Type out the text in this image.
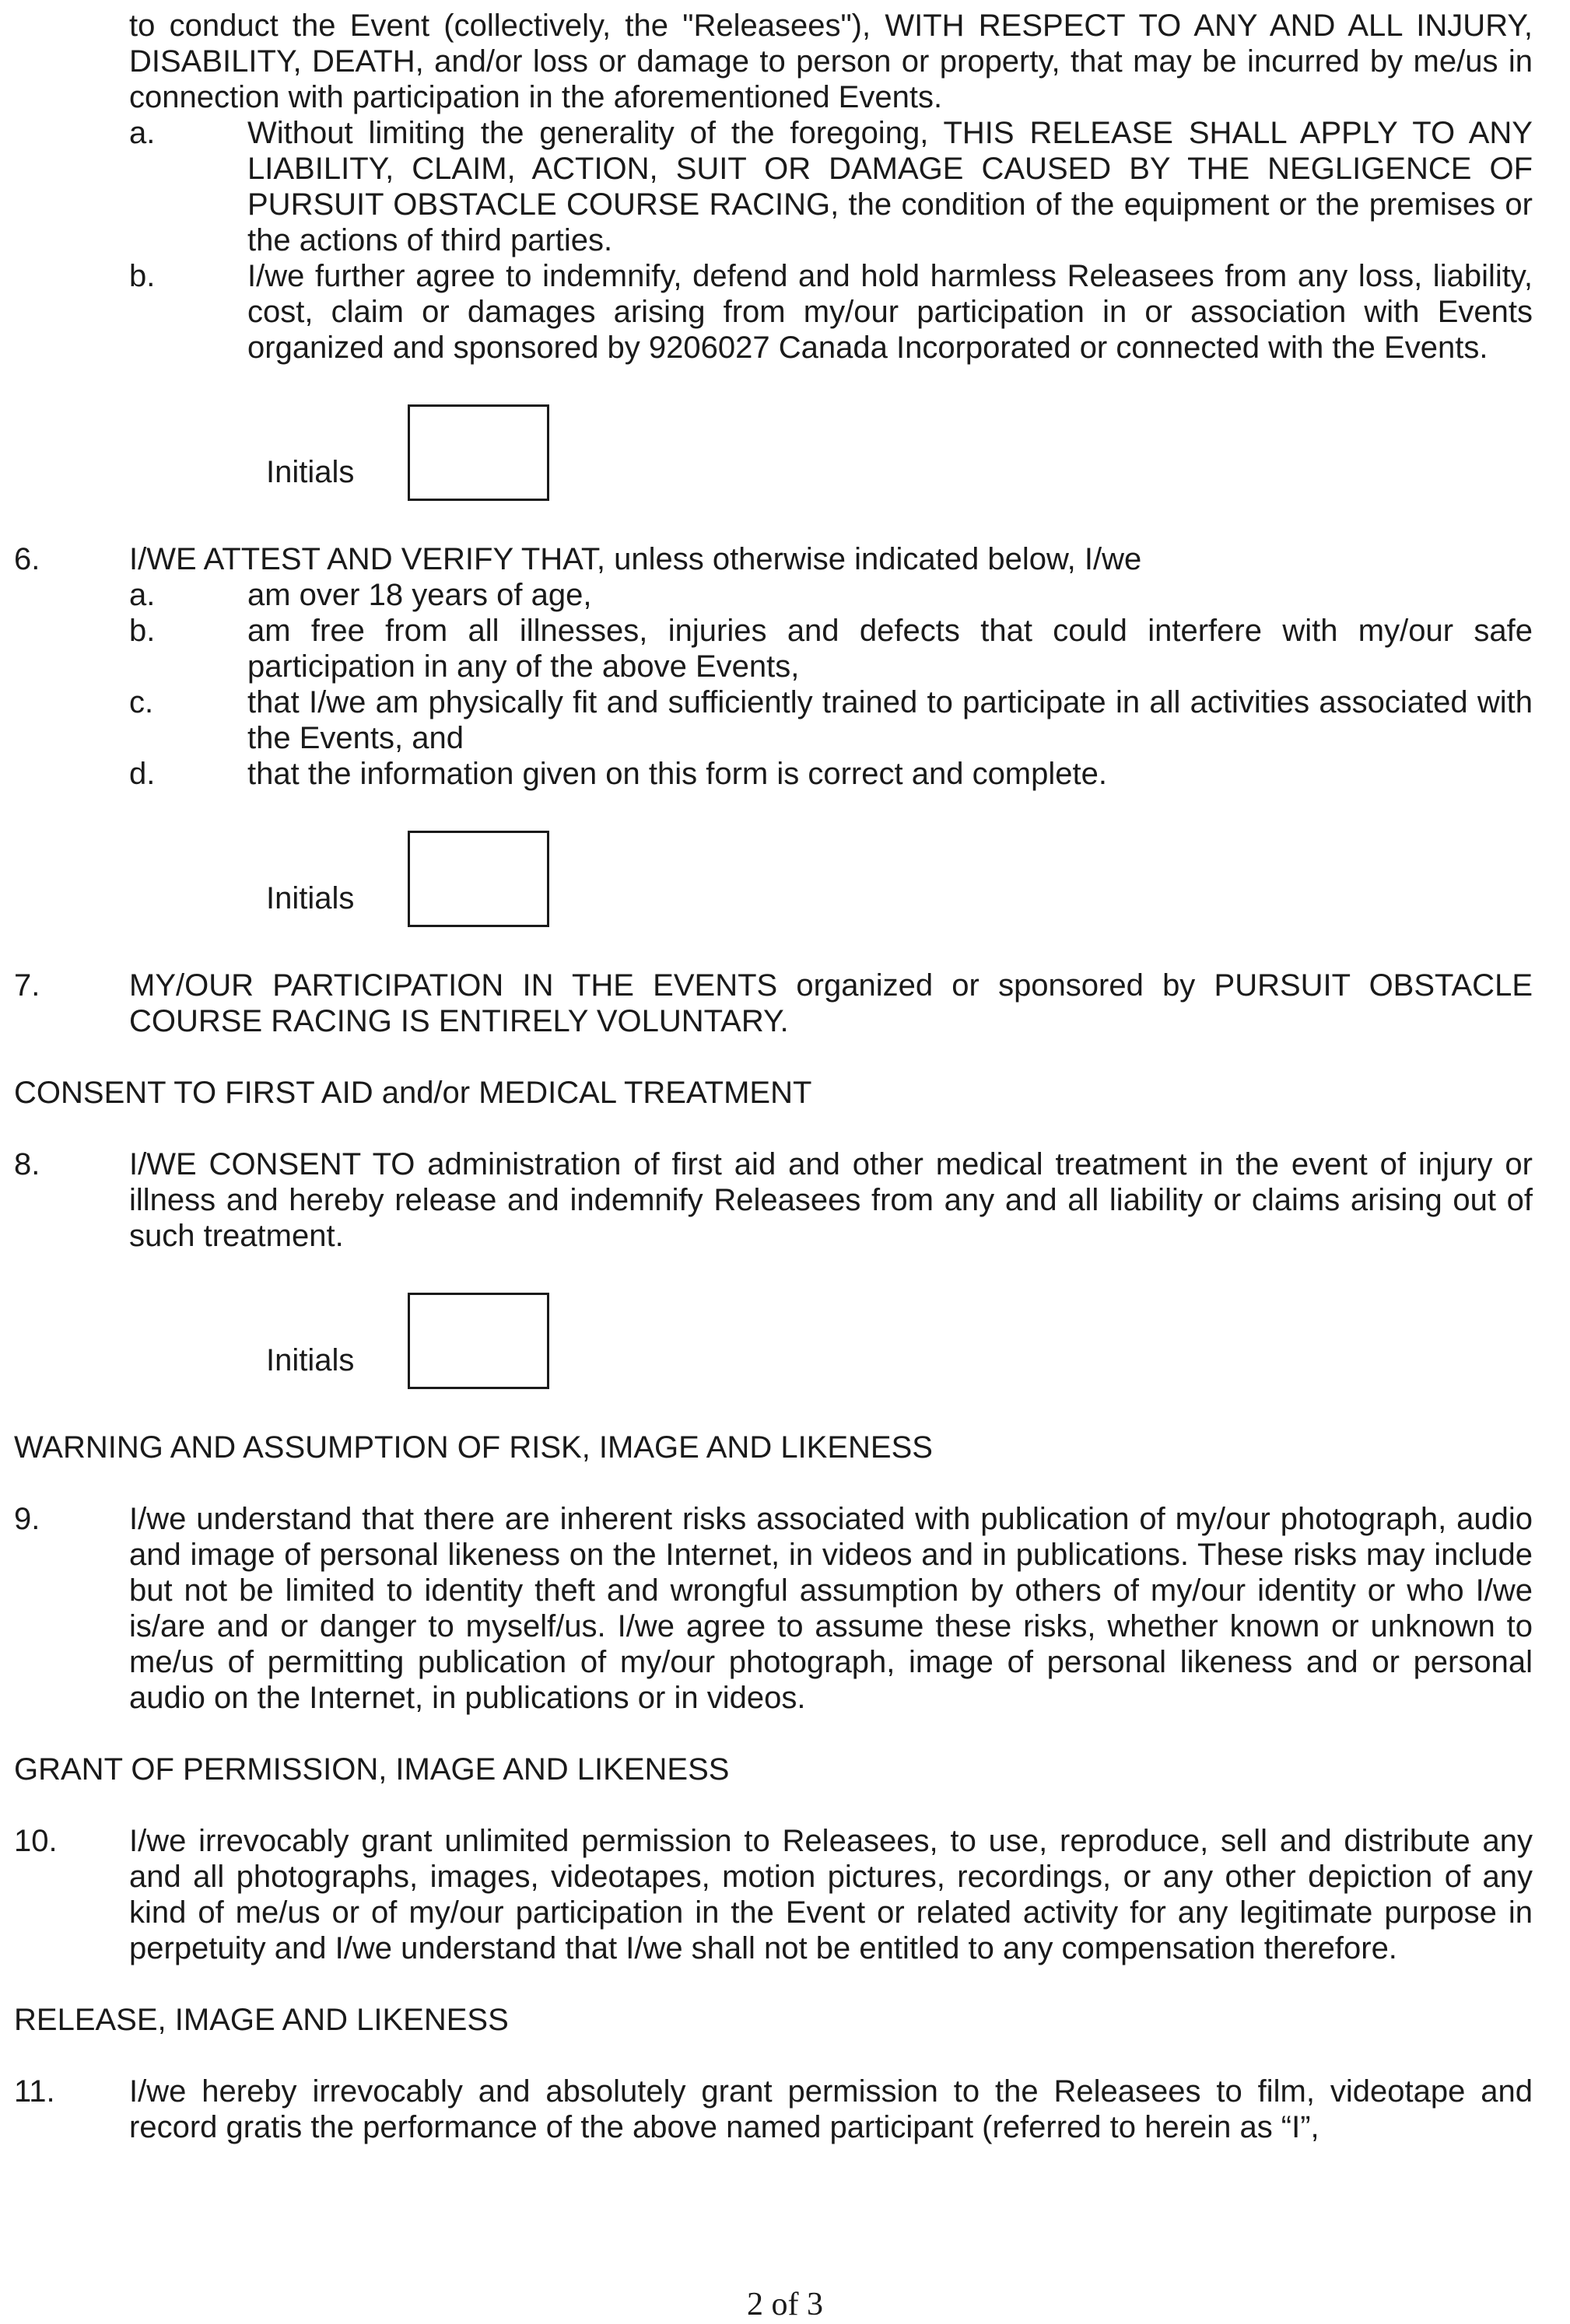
to conduct the Event (collectively, the "Releasees"), WITH RESPECT TO ANY AND ALL INJURY, DISABILITY, DEATH, and/or loss or damage to person or property, that may be incurred by me/us in connection with participation in the aforementioned Events.

a.	Without limiting the generality of the foregoing, THIS RELEASE SHALL APPLY TO ANY LIABILITY, CLAIM, ACTION, SUIT OR DAMAGE CAUSED BY THE NEGLIGENCE OF PURSUIT OBSTACLE COURSE RACING, the condition of the equipment or the premises or the actions of third parties.

b.	I/we further agree to indemnify, defend and hold harmless Releasees from any loss, liability, cost, claim or damages arising from my/our participation in or association with Events organized and sponsored by 9206027 Canada Incorporated or connected with the Events.

Initials
6.	I/WE ATTEST AND VERIFY THAT, unless otherwise indicated below, I/we

a.	am over 18 years of age,

b.	am free from all illnesses, injuries and defects that could interfere with my/our safe participation in any of the above Events,

c.	that I/we am physically fit and sufficiently trained to participate in all activities associated with the Events, and

d.	that the information given on this form is correct and complete.

Initials
7.	MY/OUR PARTICIPATION IN THE EVENTS organized or sponsored by PURSUIT OBSTACLE COURSE RACING IS ENTIRELY VOLUNTARY.

CONSENT TO FIRST AID and/or MEDICAL TREATMENT

8.	I/WE CONSENT TO administration of first aid and other medical treatment in the event of injury or illness and hereby release and indemnify Releasees from any and all liability or claims arising out of such treatment.

Initials

WARNING AND ASSUMPTION OF RISK, IMAGE AND LIKENESS

9.	I/we understand that there are inherent risks associated with publication of my/our photograph, audio and image of personal likeness on the Internet, in videos and in publications. These risks may include but not be limited to identity theft and wrongful assumption by others of my/our identity or who I/we is/are and or danger to myself/us. I/we agree to assume these risks, whether known or unknown to me/us of permitting publication of my/our photograph, image of personal likeness and or personal audio on the Internet, in publications or in videos.

GRANT OF PERMISSION, IMAGE AND LIKENESS

10. I/we irrevocably grant unlimited permission to Releasees, to use, reproduce, sell and distribute any and all photographs, images, videotapes, motion pictures, recordings, or any other depiction of any kind of me/us or of my/our participation in the Event or related activity for any legitimate purpose in perpetuity and I/we understand that I/we shall not be entitled to any compensation therefore.

RELEASE, IMAGE AND LIKENESS

11. I/we hereby irrevocably and absolutely grant permission to the Releasees to film, videotape and record gratis the performance of the above named participant (referred to herein as “I”,

2 of 3
